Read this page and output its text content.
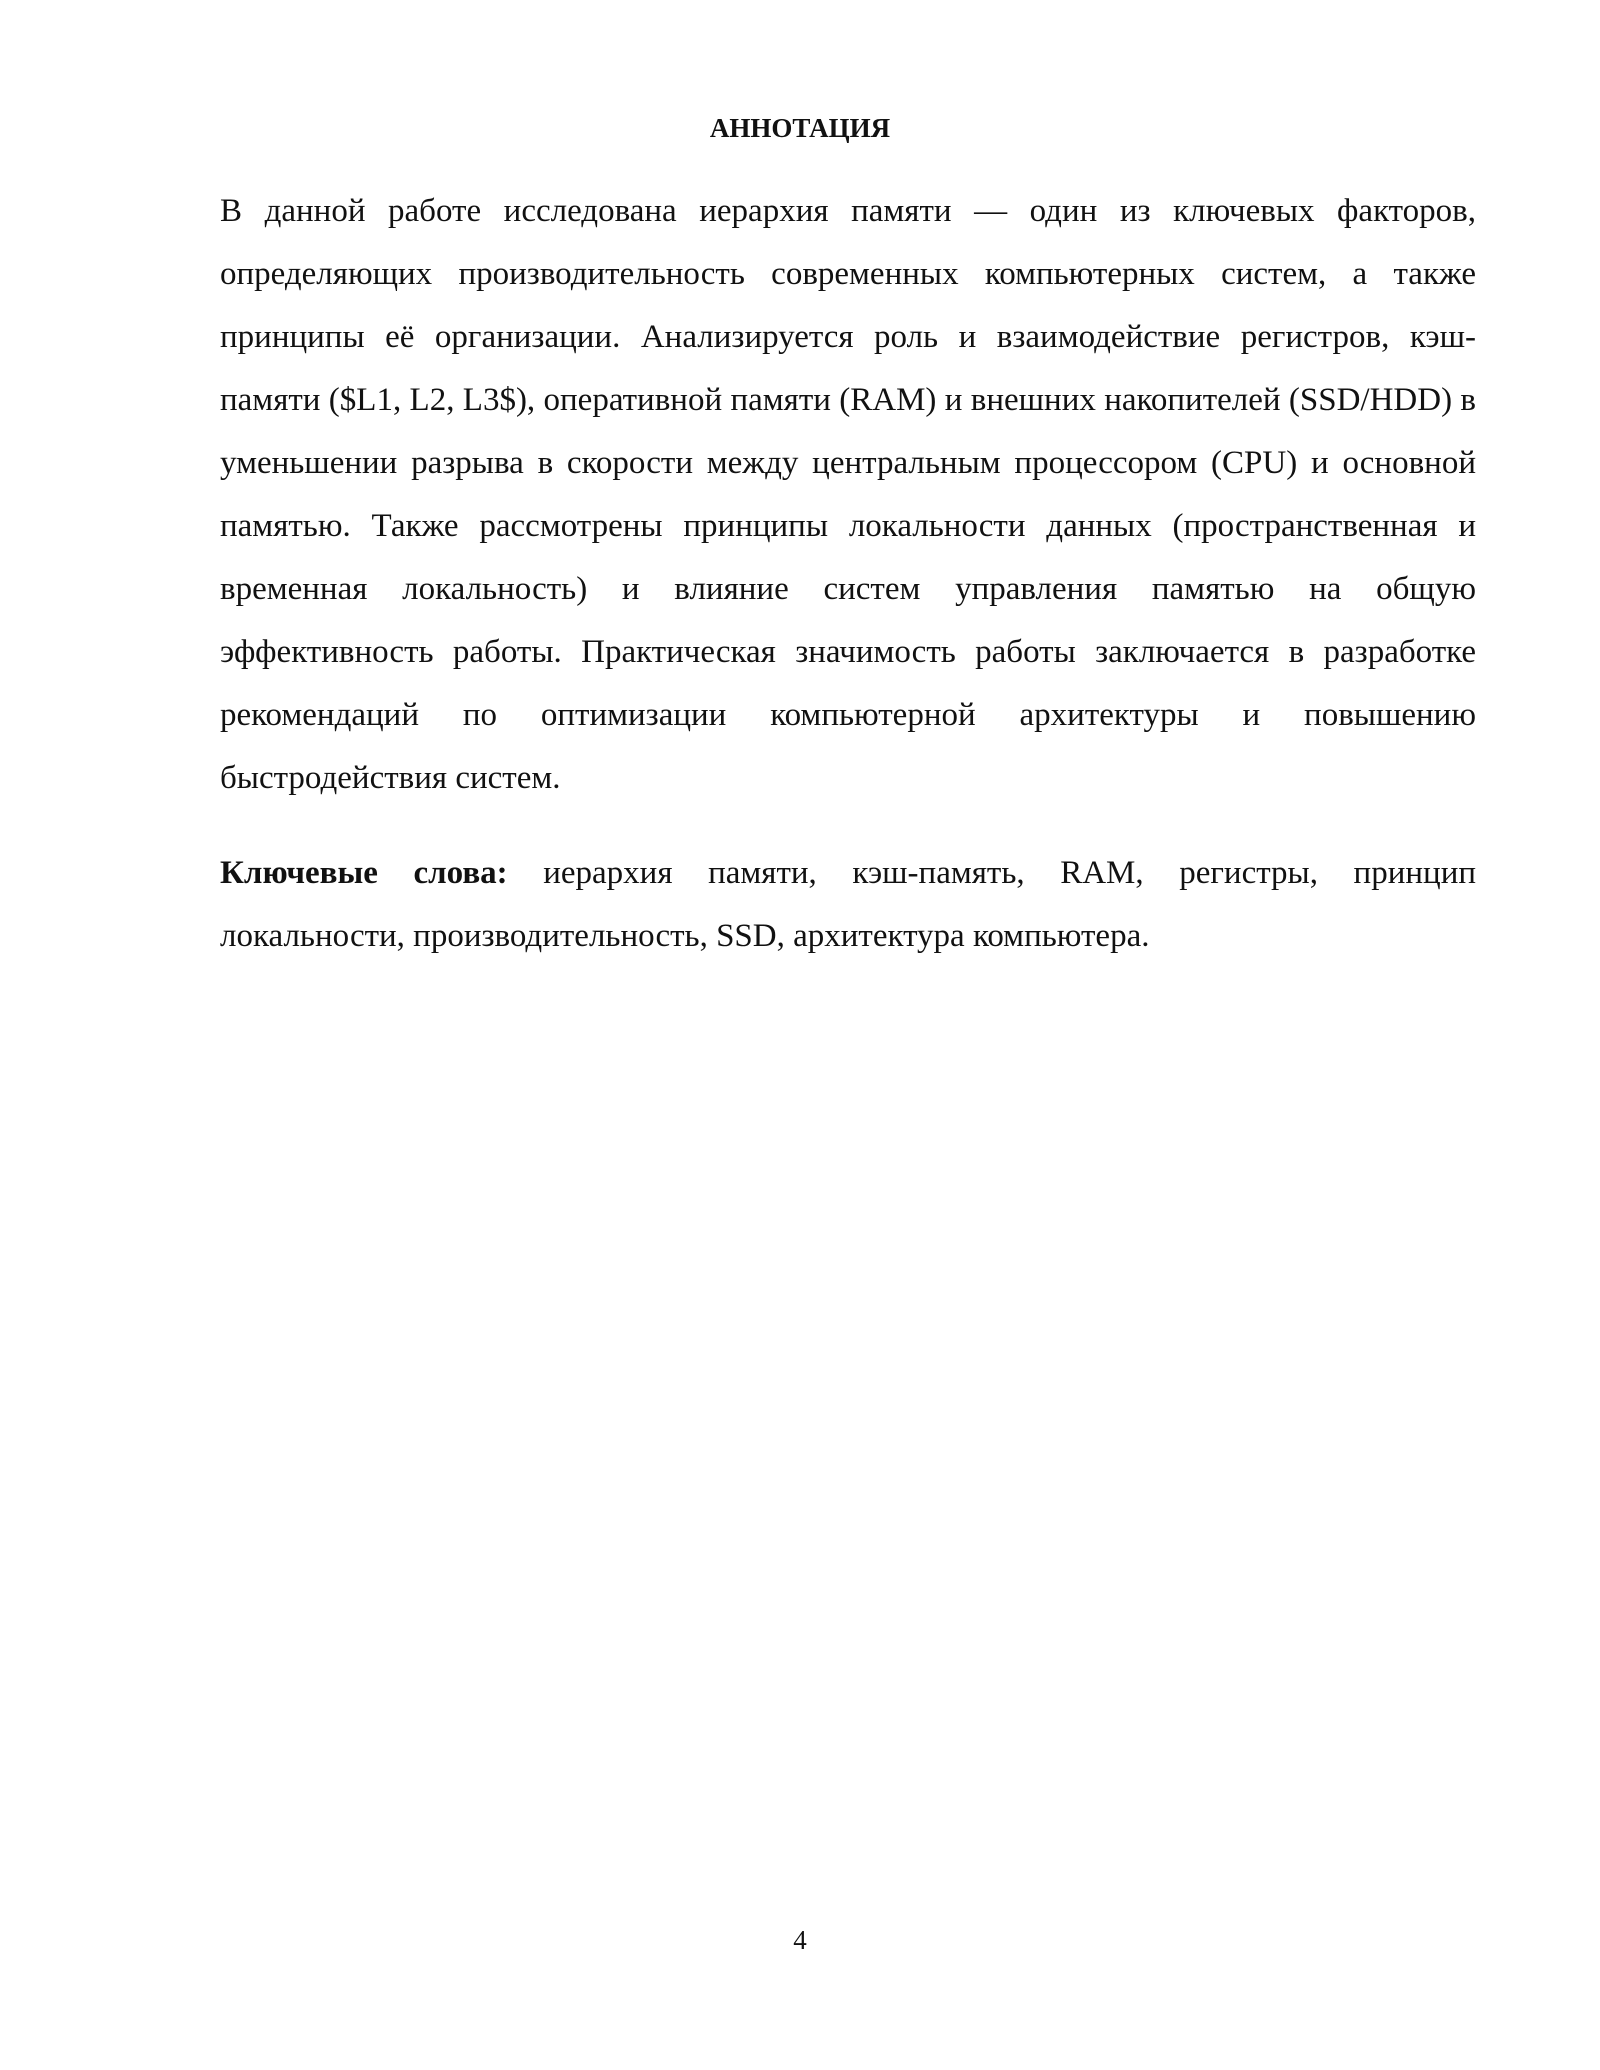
АННОТАЦИЯ

В данной работе исследована иерархия памяти — один из ключевых факторов, определяющих производительность современных компьютерных систем, а также принципы её организации. Анализируется роль и взаимодействие регистров, кэш-памяти ($L1, L2, L3$), оперативной памяти (RAM) и внешних накопителей (SSD/HDD) в уменьшении разрыва в скорости между центральным процессором (CPU) и основной памятью. Также рассмотрены принципы локальности данных (пространственная и временная локальность) и влияние систем управления памятью на общую эффективность работы. Практическая значимость работы заключается в разработке рекомендаций по оптимизации компьютерной архитектуры и повышению быстродействия систем.

Ключевые слова: иерархия памяти, кэш-память, RAM, регистры, принцип локальности, производительность, SSD, архитектура компьютера.

4
